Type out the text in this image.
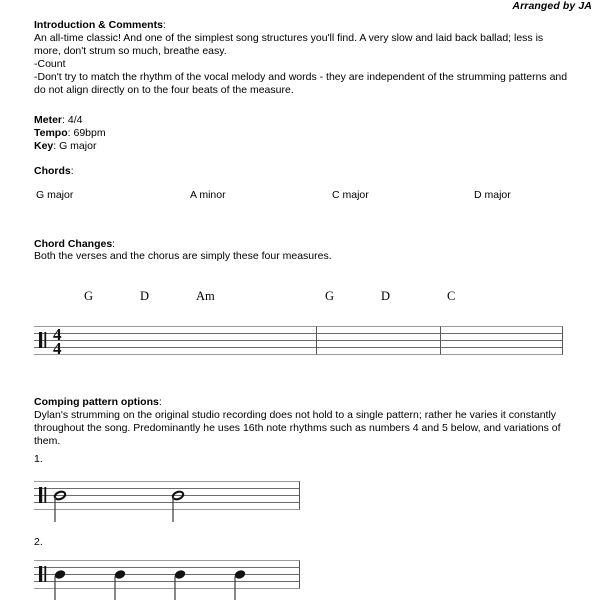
Arranged by JA
Introduction & Comments:
An all-time classic! And one of the simplest song structures you'll find. A very slow and laid back ballad; less is more, don't strum so much, breathe easy.
-Count
-Don't try to match the rhythm of the vocal melody and words - they are independent of the strumming patterns and do not align directly on to the four beats of the measure.
Meter: 4/4
Tempo: 69bpm
Key: G major
Chords:
G major	A minor	C major	D major
Chord Changes:
Both the verses and the chorus are simply these four measures.
G	D	Am	G	D	C
4
4
Comping pattern options:
Dylan's strumming on the original studio recording does not hold to a single pattern; rather he varies it constantly throughout the song. Predominantly he uses 16th note rhythms such as numbers 4 and 5 below, and variations of them.
1.
2.
